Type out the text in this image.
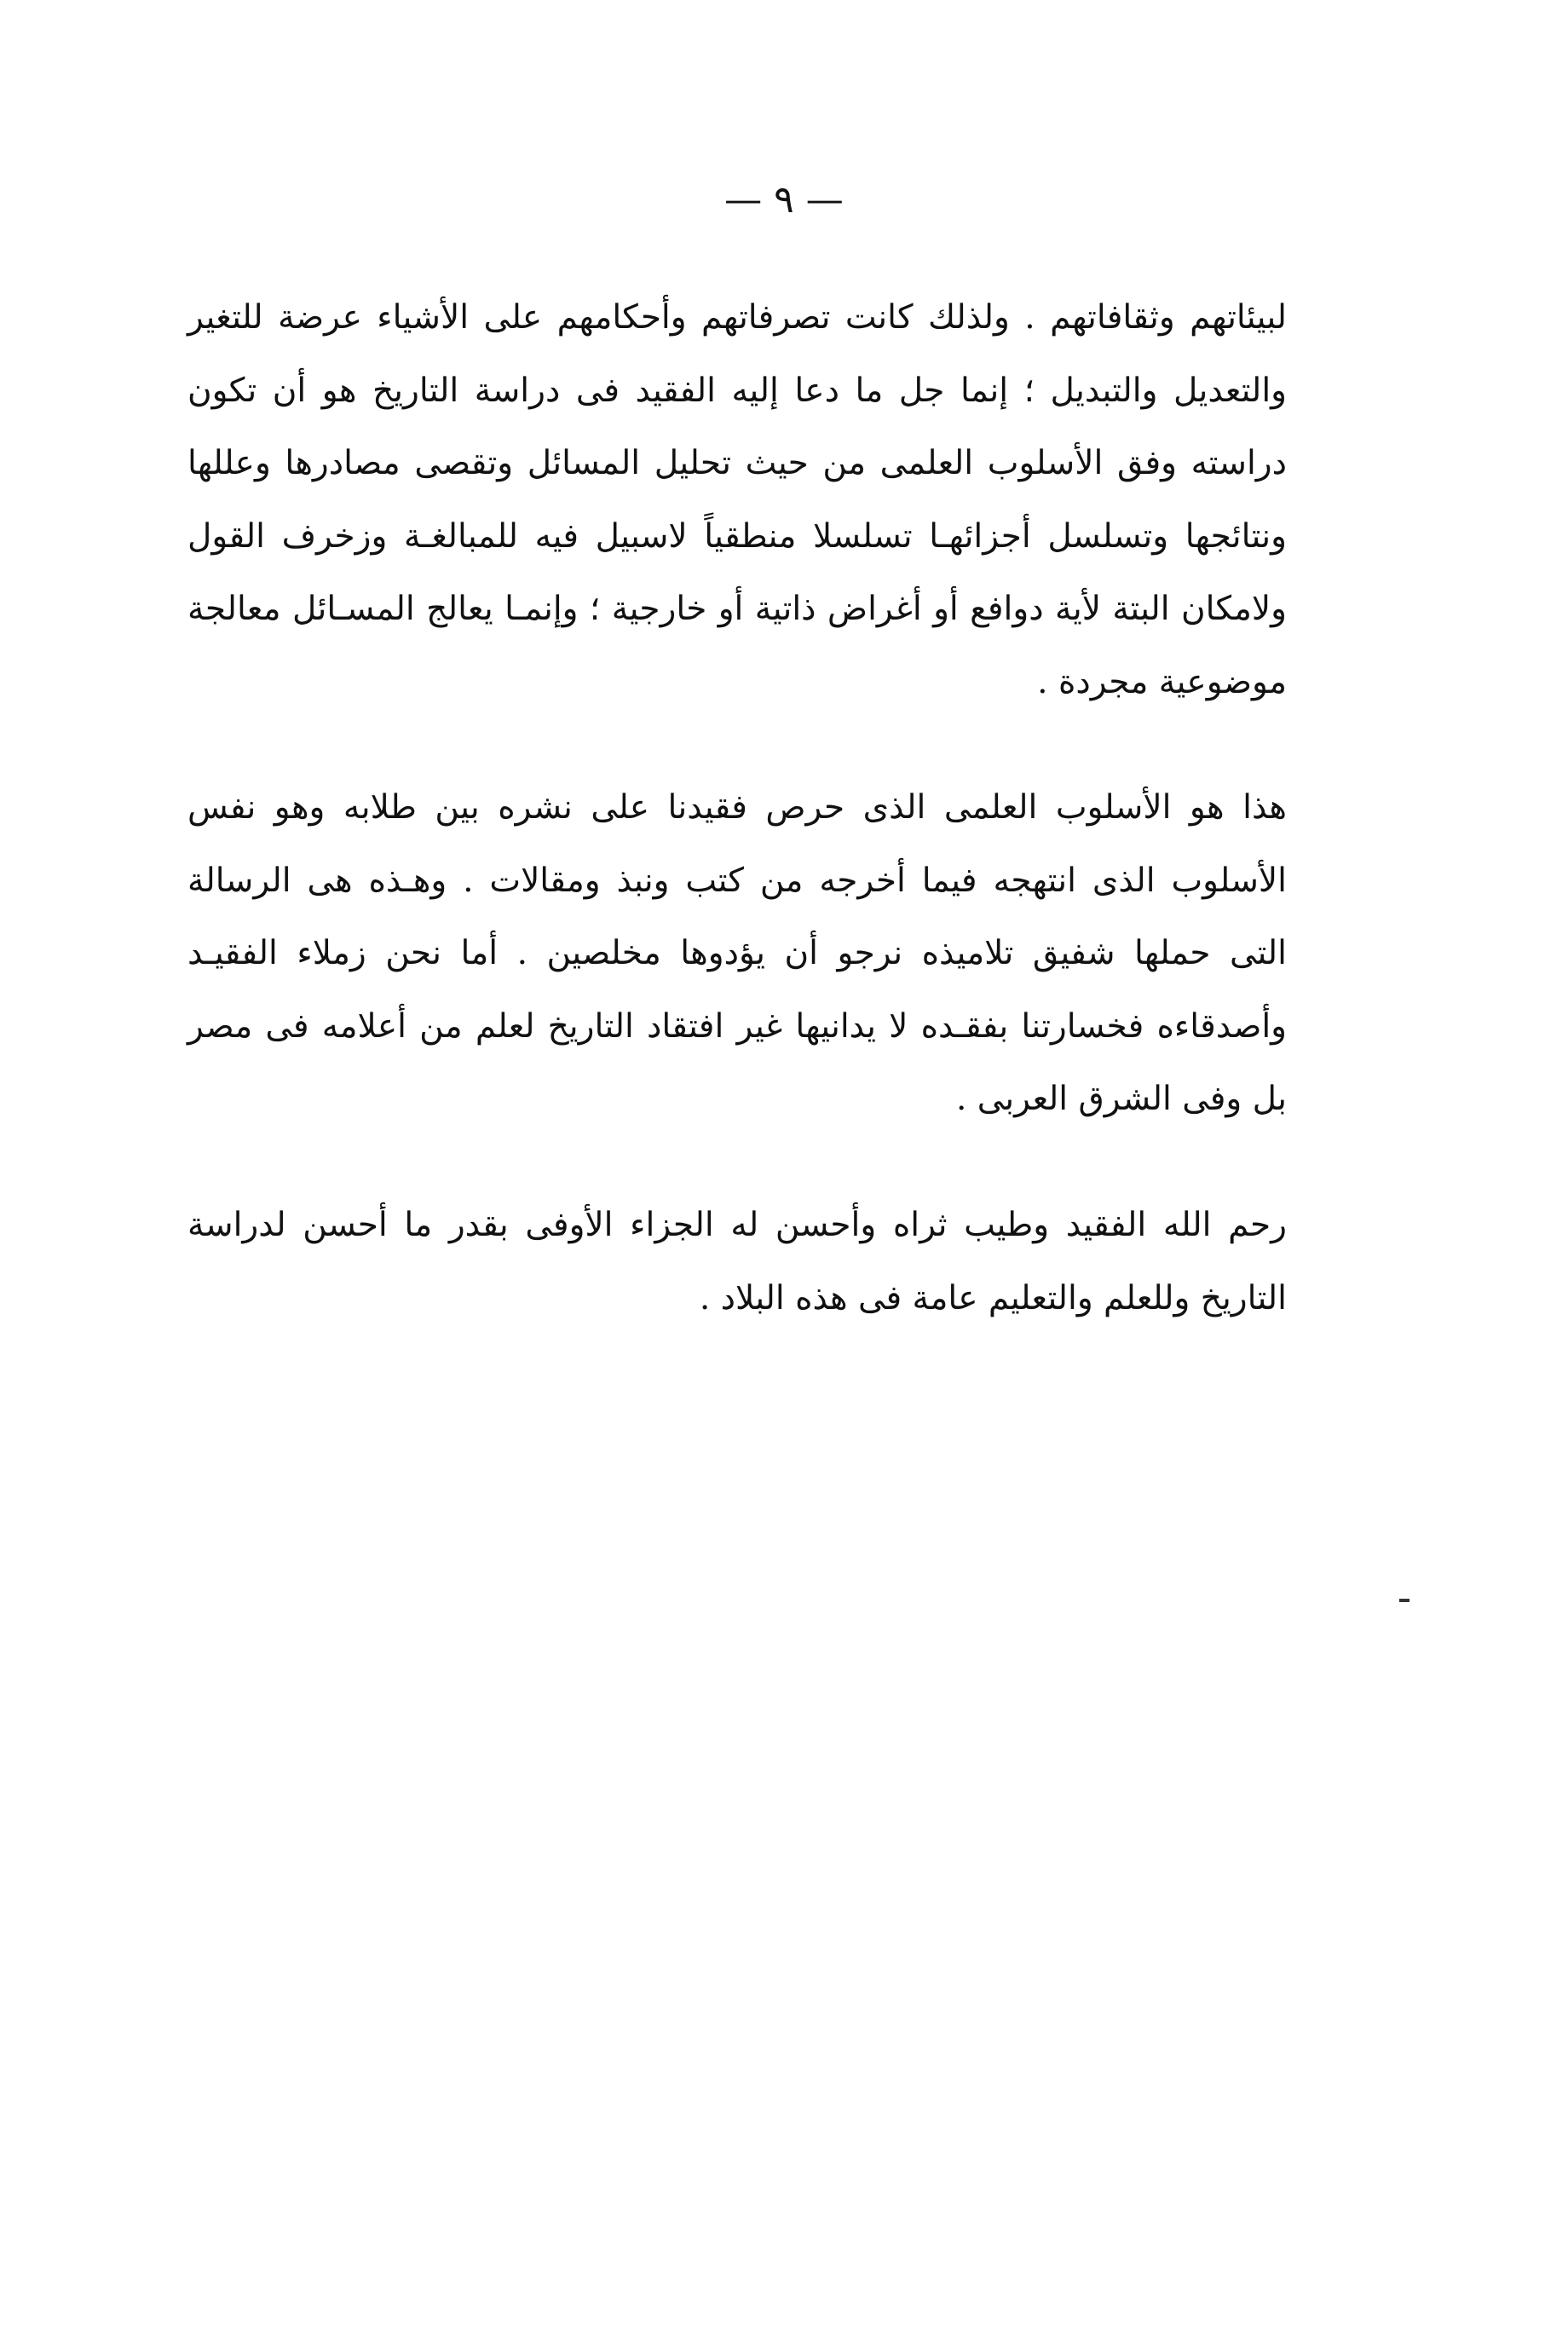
— ٩ —

لبيئاتهم وثقافاتهم . ولذلك كانت تصرفاتهم وأحكامهم على الأشياء عرضة للتغير والتعديل والتبديل ؛ إنما جل ما دعا إليه الفقيد فى دراسة التاريخ هو أن تكون دراسته وفق الأسلوب العلمى من حيث تحليل المسائل وتقصى مصادرها وعللها ونتائجها وتسلسل أجزائهـا تسلسلا منطقياً لاسبيل فيه للمبالغـة وزخرف القول ولامكان البتة لأية دوافع أو أغراض ذاتية أو خارجية ؛ وإنمـا يعالج المسـائل معالجة موضوعية مجردة .

هذا هو الأسلوب العلمى الذى حرص فقيدنا على نشره بين طلابه وهو نفس الأسلوب الذى انتهجه فيما أخرجه من كتب ونبذ ومقالات . وهـذه هى الرسالة التى حملها شفيق تلاميذه نرجو أن يؤدوها مخلصين . أما نحن زملاء الفقيـد وأصدقاءه فخسارتنا بفقـده لا يدانيها غير افتقاد التاريخ لعلم من أعلامه فى مصر بل وفى الشرق العربى .

رحم الله الفقيد وطيب ثراه وأحسن له الجزاء الأوفى بقدر ما أحسن لدراسة التاريخ وللعلم والتعليم عامة فى هذه البلاد .
